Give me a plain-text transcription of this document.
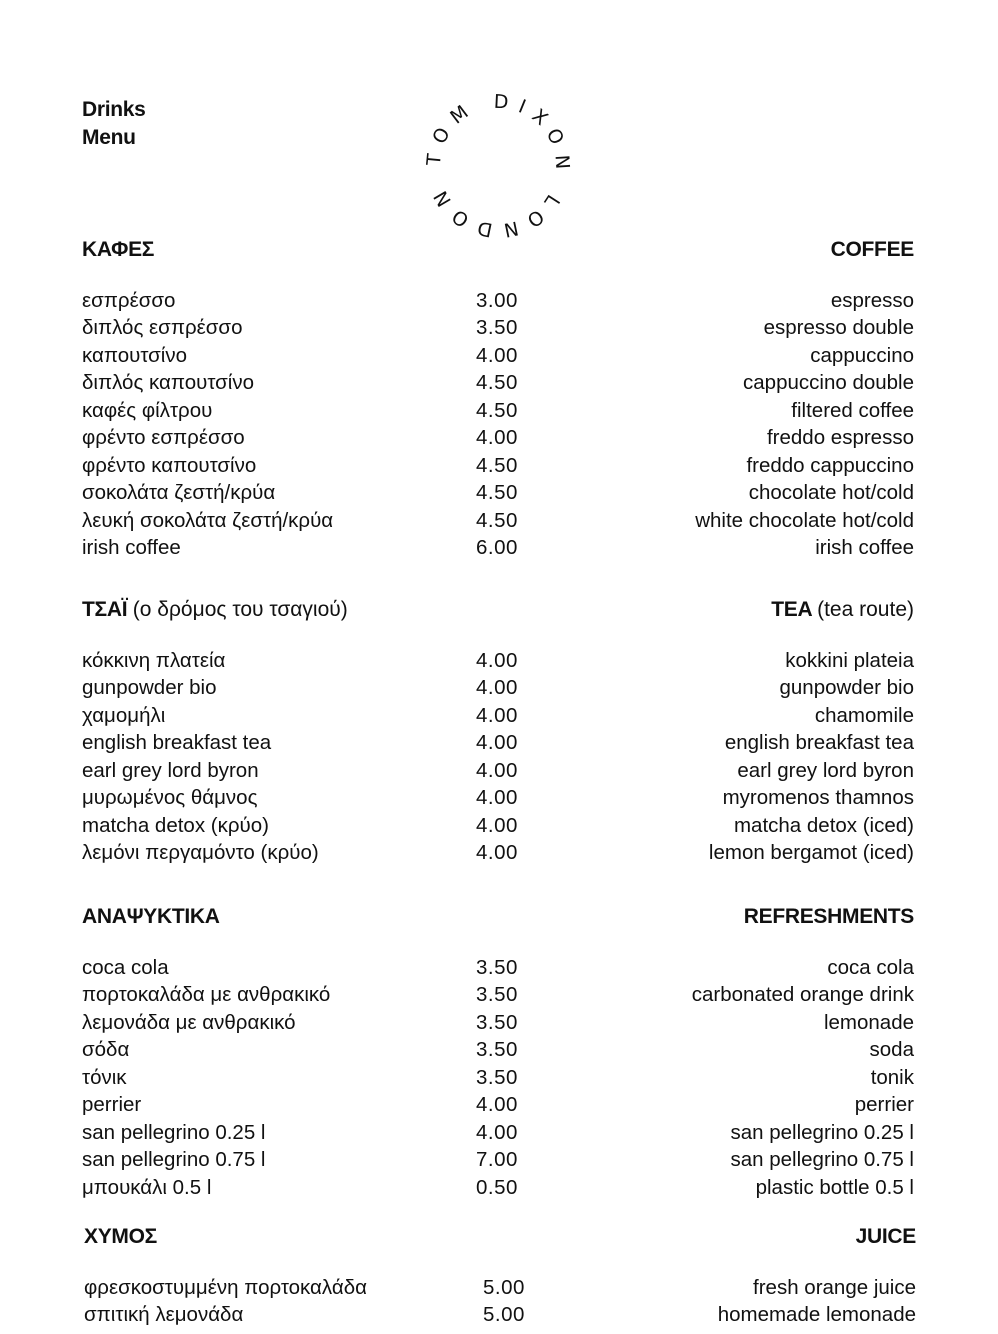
Drinks
Menu
TOM DIXON LONDON
ΚΑΦΕΣ	COFFEE
εσπρέσσο	3.00	espresso
διπλός εσπρέσσο	3.50	espresso double
καπουτσίνο	4.00	cappuccino
διπλός καπουτσίνο	4.50	cappuccino double
καφές φίλτρου	4.50	filtered coffee
φρέντο εσπρέσσο	4.00	freddo espresso
φρέντο καπουτσίνο	4.50	freddo cappuccino
σοκολάτα ζεστή/κρύα	4.50	chocolate hot/cold
λευκή σοκολάτα ζεστή/κρύα	4.50	white chocolate hot/cold
irish coffee	6.00	irish coffee
ΤΣΑΪ (ο δρόμος του τσαγιού)	TEA (tea route)
κόκκινη πλατεία	4.00	kokkini plateia
gunpowder bio	4.00	gunpowder bio
χαμομήλι	4.00	chamomile
english breakfast tea	4.00	english breakfast tea
earl grey lord byron	4.00	earl grey lord byron
μυρωμένος θάμνος	4.00	myromenos thamnos
matcha detox (κρύο)	4.00	matcha detox (iced)
λεμόνι περγαμόντο (κρύο)	4.00	lemon bergamot (iced)
ΑΝΑΨΥΚΤΙΚΑ	REFRESHMENTS
coca cola	3.50	coca cola
πορτοκαλάδα με ανθρακικό	3.50	carbonated orange drink
λεμονάδα με ανθρακικό	3.50	lemonade
σόδα	3.50	soda
τόνικ	3.50	tonik
perrier	4.00	perrier
san pellegrino 0.25 l	4.00	san pellegrino 0.25 l
san pellegrino 0.75 l	7.00	san pellegrino 0.75 l
μπουκάλι 0.5 l	0.50	plastic bottle 0.5 l
ΧΥΜΟΣ	JUICE
φρεσκοστυμμένη πορτοκαλάδα	5.00	fresh orange juice
σπιτική λεμονάδα	5.00	homemade lemonade
